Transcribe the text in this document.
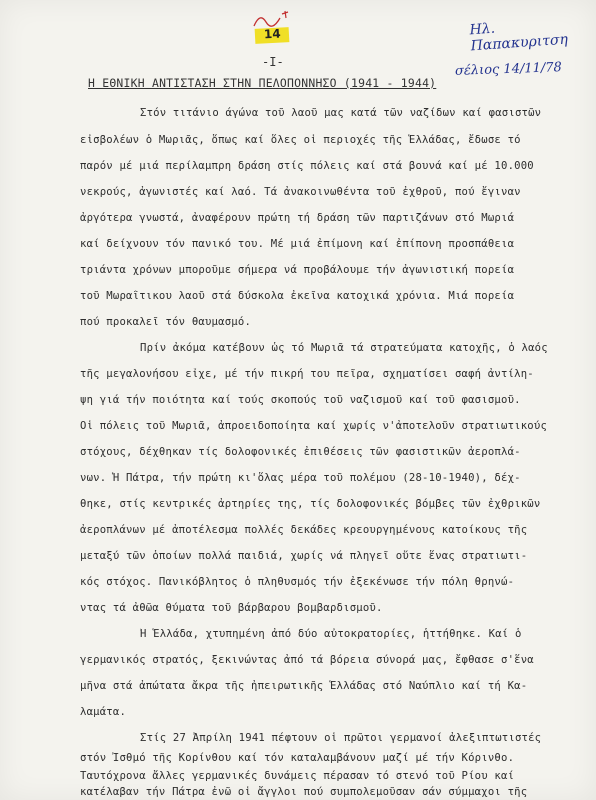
14	Ηλ. Παπακυριτση
σέλιος 14/11/78
-I-
Η ΕΘΝΙΚΗ ΑΝΤΙΣΤΑΣΗ ΣΤΗΝ ΠΕΛΟΠΟΝΝΗΣΟ (1941 - 1944)
Στόν τιτάνιο άγώνα τοῦ λαοῦ μας κατά τῶν ναζίδων καί φασιστῶν
εἰσβολέων ὁ Μωριᾶς, ὅπως καί ὅλες οἱ περιοχές τῆς Ἑλλάδας, ἔδωσε τό
παρόν μέ μιά περίλαμπρη δράση στίς πόλεις καί στά βουνά καί μέ 10.000
νεκρούς, ἀγωνιστές καί λαό. Τά ἀνακοινωθέντα τοῦ ἐχθροῦ, πού ἔγιναν
ἀργότερα γνωστά, ἀναφέρουν πρώτη τή δράση τῶν παρτιζάνων στό Μωριά
καί δείχνουν τόν πανικό του. Μέ μιά ἐπίμονη καί ἐπίπονη προσπάθεια
τριάντα χρόνων μποροῦμε σήμερα νά προβάλουμε τήν ἀγωνιστική πορεία
τοῦ Μωραΐτικου λαοῦ στά δύσκολα ἐκεῖνα κατοχικά χρόνια. Μιά πορεία
πού προκαλεῖ τόν θαυμασμό.
Πρίν ἀκόμα κατέβουν ὡς τό Μωριᾶ τά στρατεύματα κατοχῆς, ὁ λαός
τῆς μεγαλονήσου εἶχε, μέ τήν πικρή του πεῖρα, σχηματίσει σαφή ἀντίλη-
ψη γιά τήν ποιότητα καί τούς σκοπούς τοῦ ναζισμοῦ καί τοῦ φασισμοῦ.
Οἱ πόλεις τοῦ Μωριᾶ, ἀπροειδοποίητα καί χωρίς ν'ἀποτελοῦν στρατιωτικούς
στόχους, δέχθηκαν τίς δολοφονικές ἐπιθέσεις τῶν φασιστικῶν ἀεροπλά-
νων. Ἡ Πάτρα, τήν πρώτη κι'ὅλας μέρα τοῦ πολέμου (28-10-1940), δέχ-
θηκε, στίς κεντρικές ἀρτηρίες της, τίς δολοφονικές βόμβες τῶν ἐχθρικῶν
ἀεροπλάνων μέ ἀποτέλεσμα πολλές δεκάδες κρεουργημένους κατοίκους τῆς
μεταξύ τῶν ὁποίων πολλά παιδιά, χωρίς νά πληγεῖ οὔτε ἕνας στρατιωτι-
κός στόχος. Πανικόβλητος ὁ πληθυσμός τήν ἐξεκένωσε τήν πόλη θρηνώ-
ντας τά ἀθῶα θύματα τοῦ βάρβαρου βομβαρδισμοῦ.
Ἡ Ἑλλάδα, χτυπημένη ἀπό δύο αὐτοκρατορίες, ἡττήθηκε. Καί ὁ
γερμανικός στρατός, ξεκινώντας ἀπό τά βόρεια σύνορά μας, ἔφθασε σ'ἕνα
μῆνα στά ἀπώτατα ἄκρα τῆς ἠπειρωτικῆς Ἑλλάδας στό Ναύπλιο καί τή Κα-
λαμάτα.
Στίς 27 Ἀπρίλη 1941 πέφτουν οἱ πρῶτοι γερμανοί ἀλεξιπτωτιστές
στόν Ἰσθμό τῆς Κορίνθου καί τόν καταλαμβάνουν μαζί μέ τήν Κόρινθο.
Ταυτόχρονα ἄλλες γερμανικές δυνάμεις πέρασαν τό στενό τοῦ Ρίου καί
κατέλαβαν τήν Πάτρα ἐνῶ οἱ ἄγγλοι πού συμπολεμοῦσαν σάν σύμμαχοι τῆς
